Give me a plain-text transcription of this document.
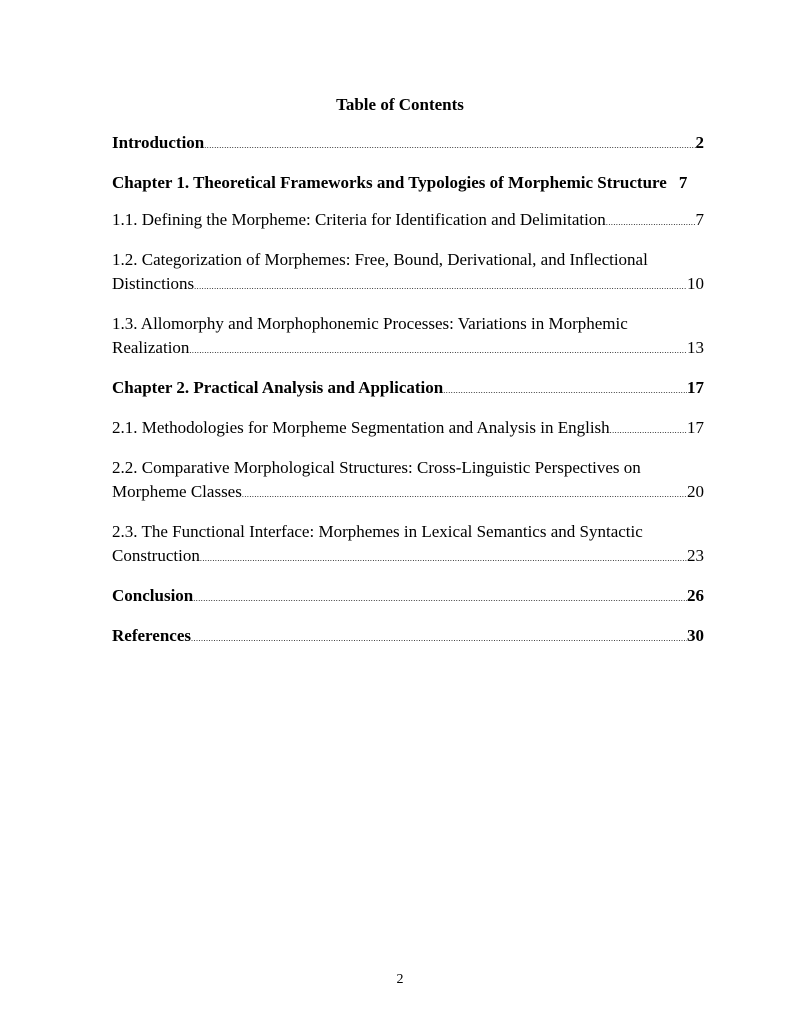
Table of Contents
Introduction .....	2
Chapter 1. Theoretical Frameworks and Typologies of Morphemic Structure 7
1.1. Defining the Morpheme: Criteria for Identification and Delimitation .....	7
1.2. Categorization of Morphemes: Free, Bound, Derivational, and Inflectional
Distinctions .....	10
1.3. Allomorphy and Morphophonemic Processes: Variations in Morphemic
Realization .....	13
Chapter 2. Practical Analysis and Application .....	17
2.1. Methodologies for Morpheme Segmentation and Analysis in English .....	17
2.2. Comparative Morphological Structures: Cross-Linguistic Perspectives on
Morpheme Classes .....	20
2.3. The Functional Interface: Morphemes in Lexical Semantics and Syntactic
Construction .....	23
Conclusion .....	26
References .....	30
2
